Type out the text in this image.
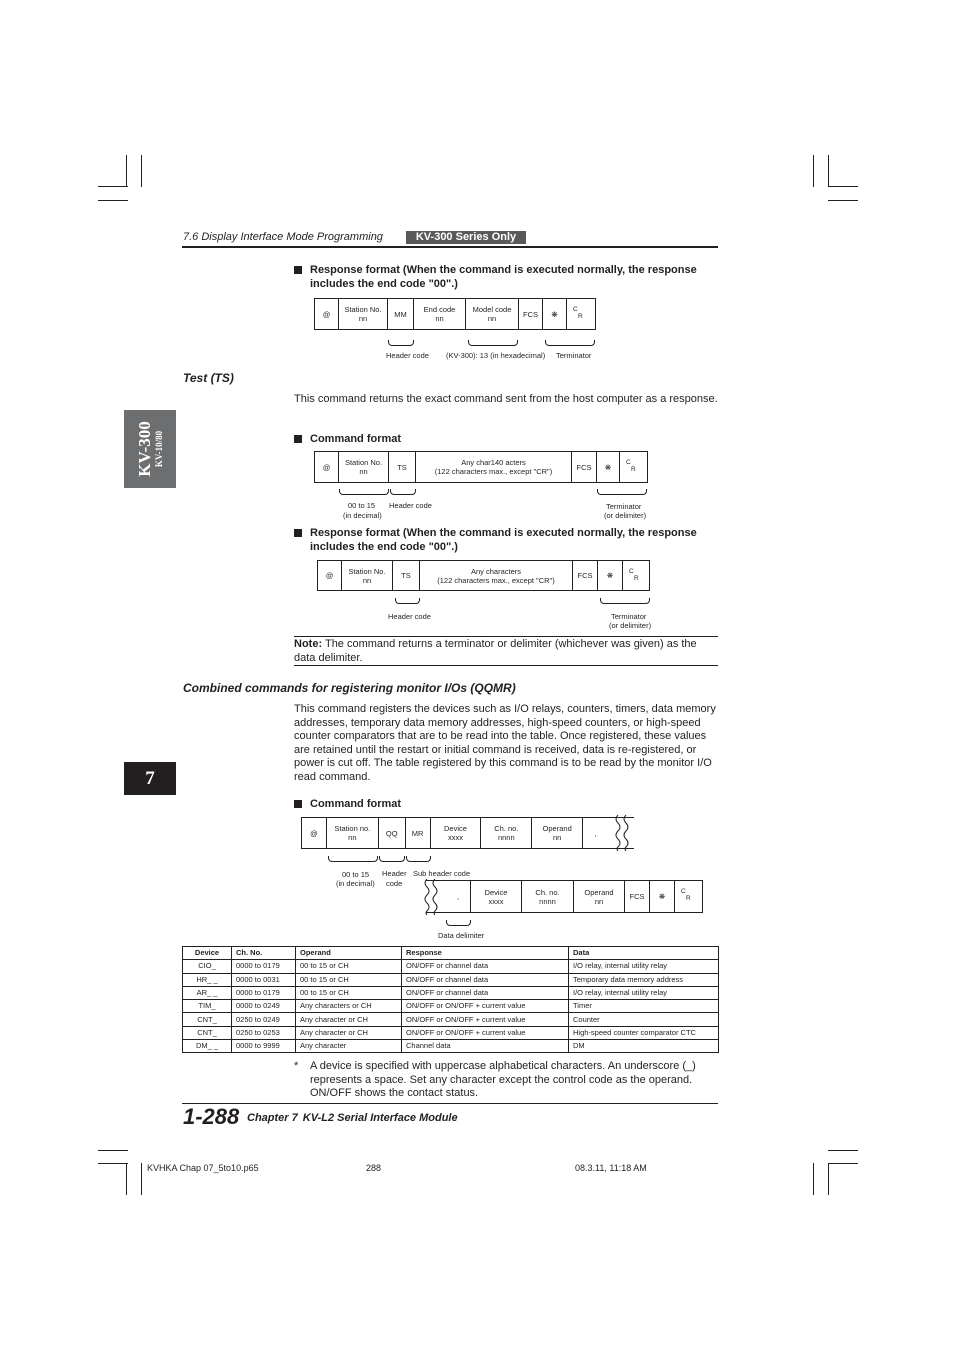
7.6 Display Interface Mode Programming	KV-300 Series Only
KV-300 KV-10/80
7
Response format (When the command is executed normally, the response includes the end code "00".)
@ Station No.
nn	MM End code
nn
Model code
nn	FCS ❋ C
R
Header code (KV-300): 13 (in hexadecimal) Terminator
Test (TS)
This command returns the exact command sent from the host computer as a response.
Command format
@ Station No.
nn	TS	Any char140 acters
(122 characters max., except "CR")	FCS ❋ C
R
00 to 15
(in decimal)
Header code	Terminator
(or delimiter)
Response format (When the command is executed normally, the response includes the end code "00".)
@ Station No.
nn	TS	Any characters
(122 characters max., except "CR")	FCS ❋ C
R
Header code	Terminator
(or delimiter)
Note: The command returns a terminator or delimiter (whichever was given) as the data delimiter.
Combined commands for registering monitor I/Os (QQMR)
This command registers the devices such as I/O relays, counters, timers, data memory addresses, temporary data memory addresses, high-speed counters, or high-speed counter comparators that are to be read into the table. Once registered, these values are retained until the restart or initial command is received, data is re-registered, or power is cut off. The table registered by this command is to be read by the monitor I/O read command.
Command format
@ Station no.
nn	QQ MR	Device
xxxx
Ch. no.
nnnn
Operand
nn	,
00 to 15
(in decimal)
Header
code
Sub header code
,	Device
xxxx
Ch. no.
nnnn
Operand
nn	FCS ❋
C
R
Data delimiter
Device	Ch. No.	Operand	Response	Data
CIO_	0000 to 0179	00 to 15 or CH	ON/OFF or channel data	I/O relay, internal utility relay
HR_ _	0000 to 0031	00 to 15 or CH	ON/OFF or channel data	Temporary data memory address
AR_ _	0000 to 0179	00 to 15 or CH	ON/OFF or channel data	I/O relay, internal utility relay
TIM_	0000 to 0249	Any characters or CH	ON/OFF or ON/OFF + current value	Timer
CNT_	0250 to 0249	Any character or CH	ON/OFF or ON/OFF + current value	Counter
CNT_	0250 to 0253	Any character or CH	ON/OFF or ON/OFF + current value	High-speed counter comparator CTC
DM_ _	0000 to 9999	Any character	Channel data	DM
* A device is specified with uppercase alphabetical characters. An underscore (_) represents a space. Set any character except the control code as the operand. ON/OFF shows the contact status.
1-288 Chapter 7 KV-L2 Serial Interface Module
KVHKA Chap 07_5to10.p65	288	08.3.11, 11:18 AM
